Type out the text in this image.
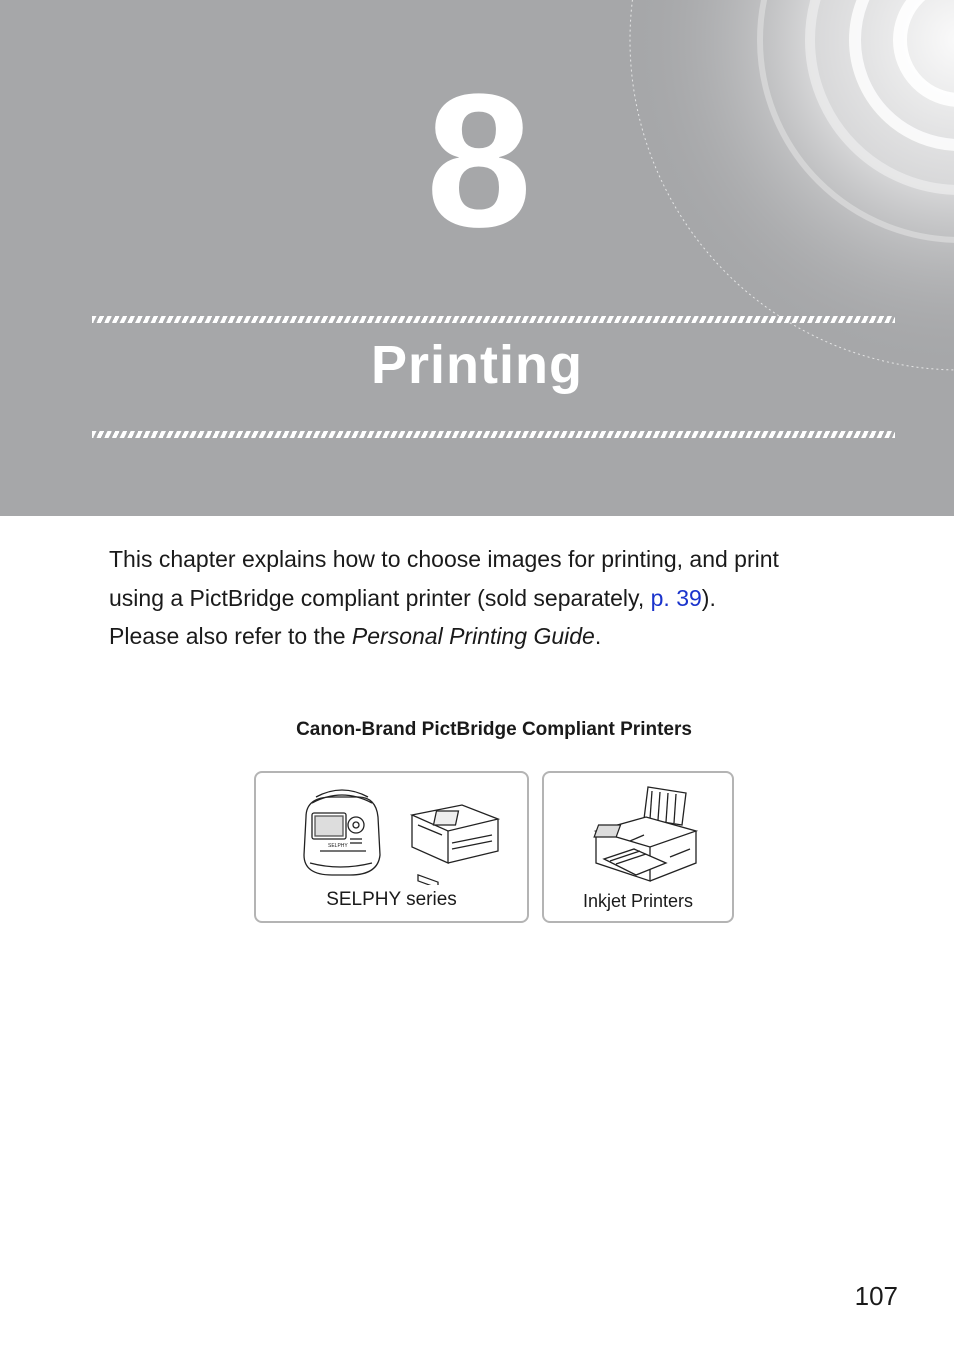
8
Printing

This chapter explains how to choose images for printing, and print

using a PictBridge compliant printer (sold separately, p. 39).

Please also refer to the Personal Printing Guide.

Canon-Brand PictBridge Compliant Printers
SELPHY
SELPHY series	Inkjet Printers
107
